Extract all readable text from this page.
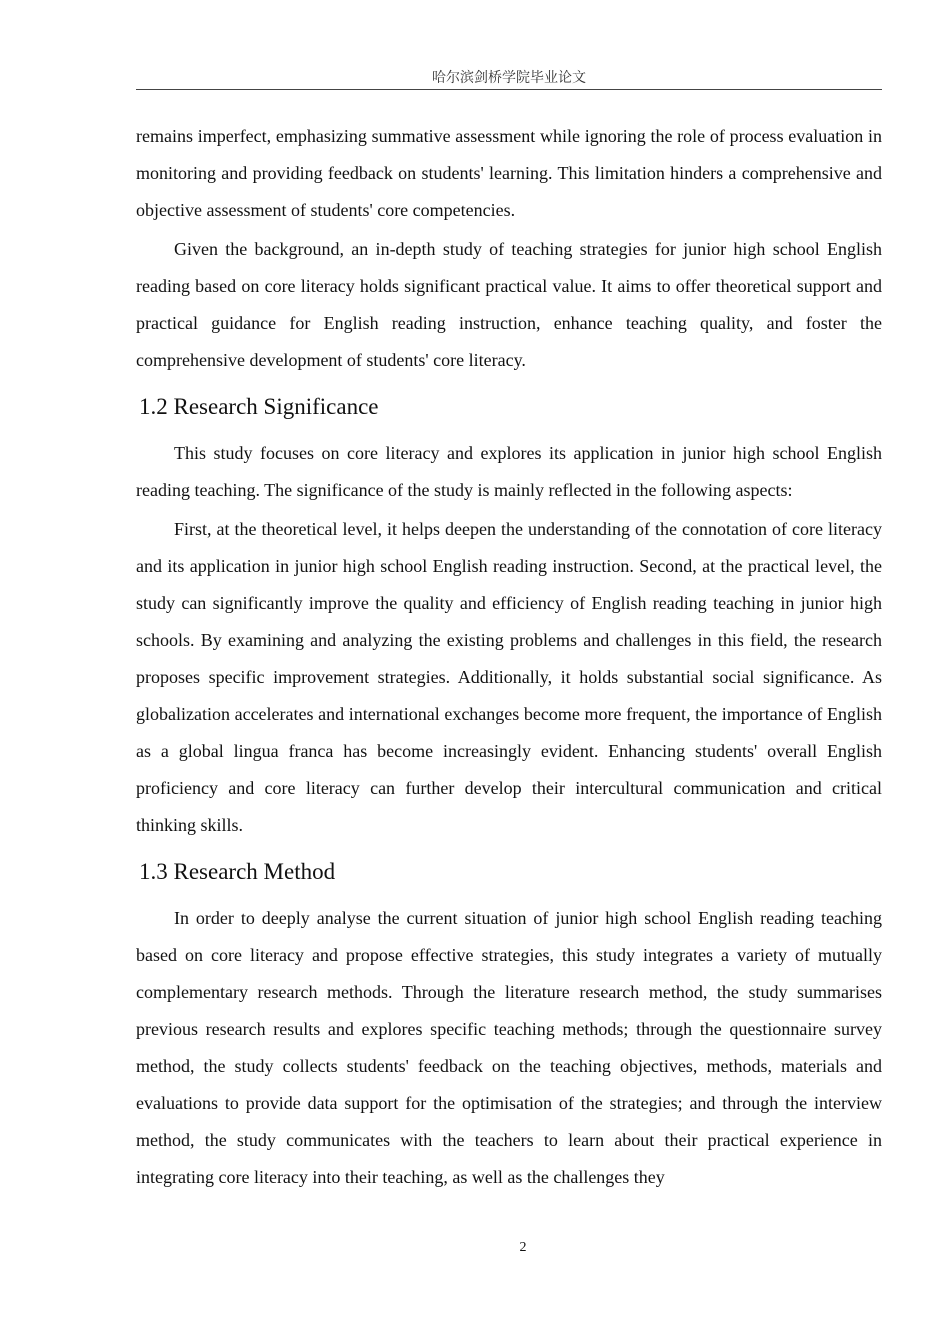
哈尔滨剑桥学院毕业论文

remains imperfect, emphasizing summative assessment while ignoring the role of process evaluation in monitoring and providing feedback on students' learning. This limitation hinders a comprehensive and objective assessment of students' core competencies.

Given the background, an in-depth study of teaching strategies for junior high school English reading based on core literacy holds significant practical value. It aims to offer theoretical support and practical guidance for English reading instruction, enhance teaching quality, and foster the comprehensive development of students' core literacy.

1.2 Research Significance

This study focuses on core literacy and explores its application in junior high school English reading teaching. The significance of the study is mainly reflected in the following aspects:

First, at the theoretical level, it helps deepen the understanding of the connotation of core literacy and its application in junior high school English reading instruction. Second, at the practical level, the study can significantly improve the quality and efficiency of English reading teaching in junior high schools. By examining and analyzing the existing problems and challenges in this field, the research proposes specific improvement strategies. Additionally, it holds substantial social significance. As globalization accelerates and international exchanges become more frequent, the importance of English as a global lingua franca has become increasingly evident. Enhancing students' overall English proficiency and core literacy can further develop their intercultural communication and critical thinking skills.

1.3 Research Method

In order to deeply analyse the current situation of junior high school English reading teaching based on core literacy and propose effective strategies, this study integrates a variety of mutually complementary research methods. Through the literature research method, the study summarises previous research results and explores specific teaching methods; through the questionnaire survey method, the study collects students' feedback on the teaching objectives, methods, materials and evaluations to provide data support for the optimisation of the strategies; and through the interview method, the study communicates with the teachers to learn about their practical experience in integrating core literacy into their teaching, as well as the challenges they

2
